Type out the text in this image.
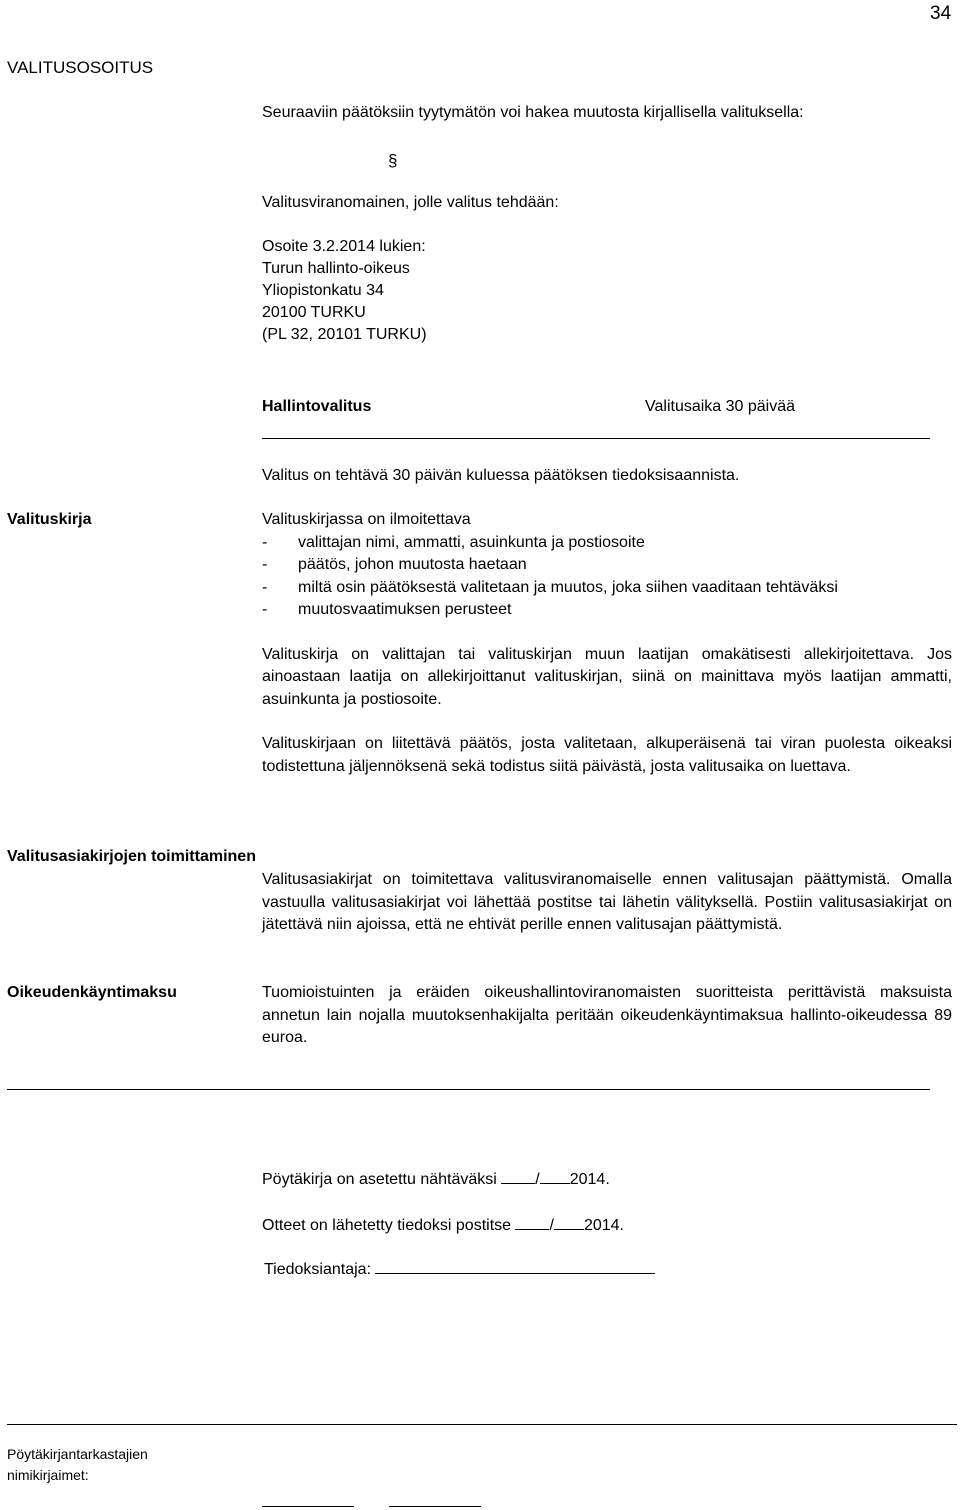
34
VALITUSOSOITUS
Seuraaviin päätöksiin tyytymätön voi hakea muutosta kirjallisella valituksella:
§
Valitusviranomainen, jolle valitus tehdään:
Osoite 3.2.2014 lukien:
Turun hallinto-oikeus
Yliopistonkatu 34
20100 TURKU
(PL 32, 20101 TURKU)
Hallintovalitus	Valitusaika 30 päivää
Valitus on tehtävä 30 päivän kuluessa päätöksen tiedoksisaannista.
Valituskirja	Valituskirjassa on ilmoitettava
- valittajan nimi, ammatti, asuinkunta ja postiosoite
- päätös, johon muutosta haetaan
- miltä osin päätöksestä valitetaan ja muutos, joka siihen vaaditaan tehtäväksi
- muutosvaatimuksen perusteet
Valituskirja on valittajan tai valituskirjan muun laatijan omakätisesti allekirjoitettava. Jos ainoastaan laatija on allekirjoittanut valituskirjan, siinä on mainittava myös laatijan ammatti, asuinkunta ja postiosoite.
Valituskirjaan on liitettävä päätös, josta valitetaan, alkuperäisenä tai viran puolesta oikeaksi todistettuna jäljennöksenä sekä todistus siitä päivästä, josta valitusaika on luettava.
Valitusasiakirjojen toimittaminen
Valitusasiakirjat on toimitettava valitusviranomaiselle ennen valitusajan päättymistä. Omalla vastuulla valitusasiakirjat voi lähettää postitse tai lähetin välityksellä. Postiin valitusasiakirjat on jätettävä niin ajoissa, että ne ehtivät perille ennen valitusajan päättymistä.
Oikeudenkäyntimaksu	Tuomioistuinten ja eräiden oikeushallintoviranomaisten suoritteista perittävistä maksuista annetun lain nojalla muutoksenhakijalta peritään oikeudenkäyntimaksua hallinto-oikeudessa 89 euroa.
Pöytäkirja on asetettu nähtäväksi / 2014.
Otteet on lähetetty tiedoksi postitse / 2014.
Tiedoksiantaja:
Pöytäkirjantarkastajien
nimikirjaimet:
